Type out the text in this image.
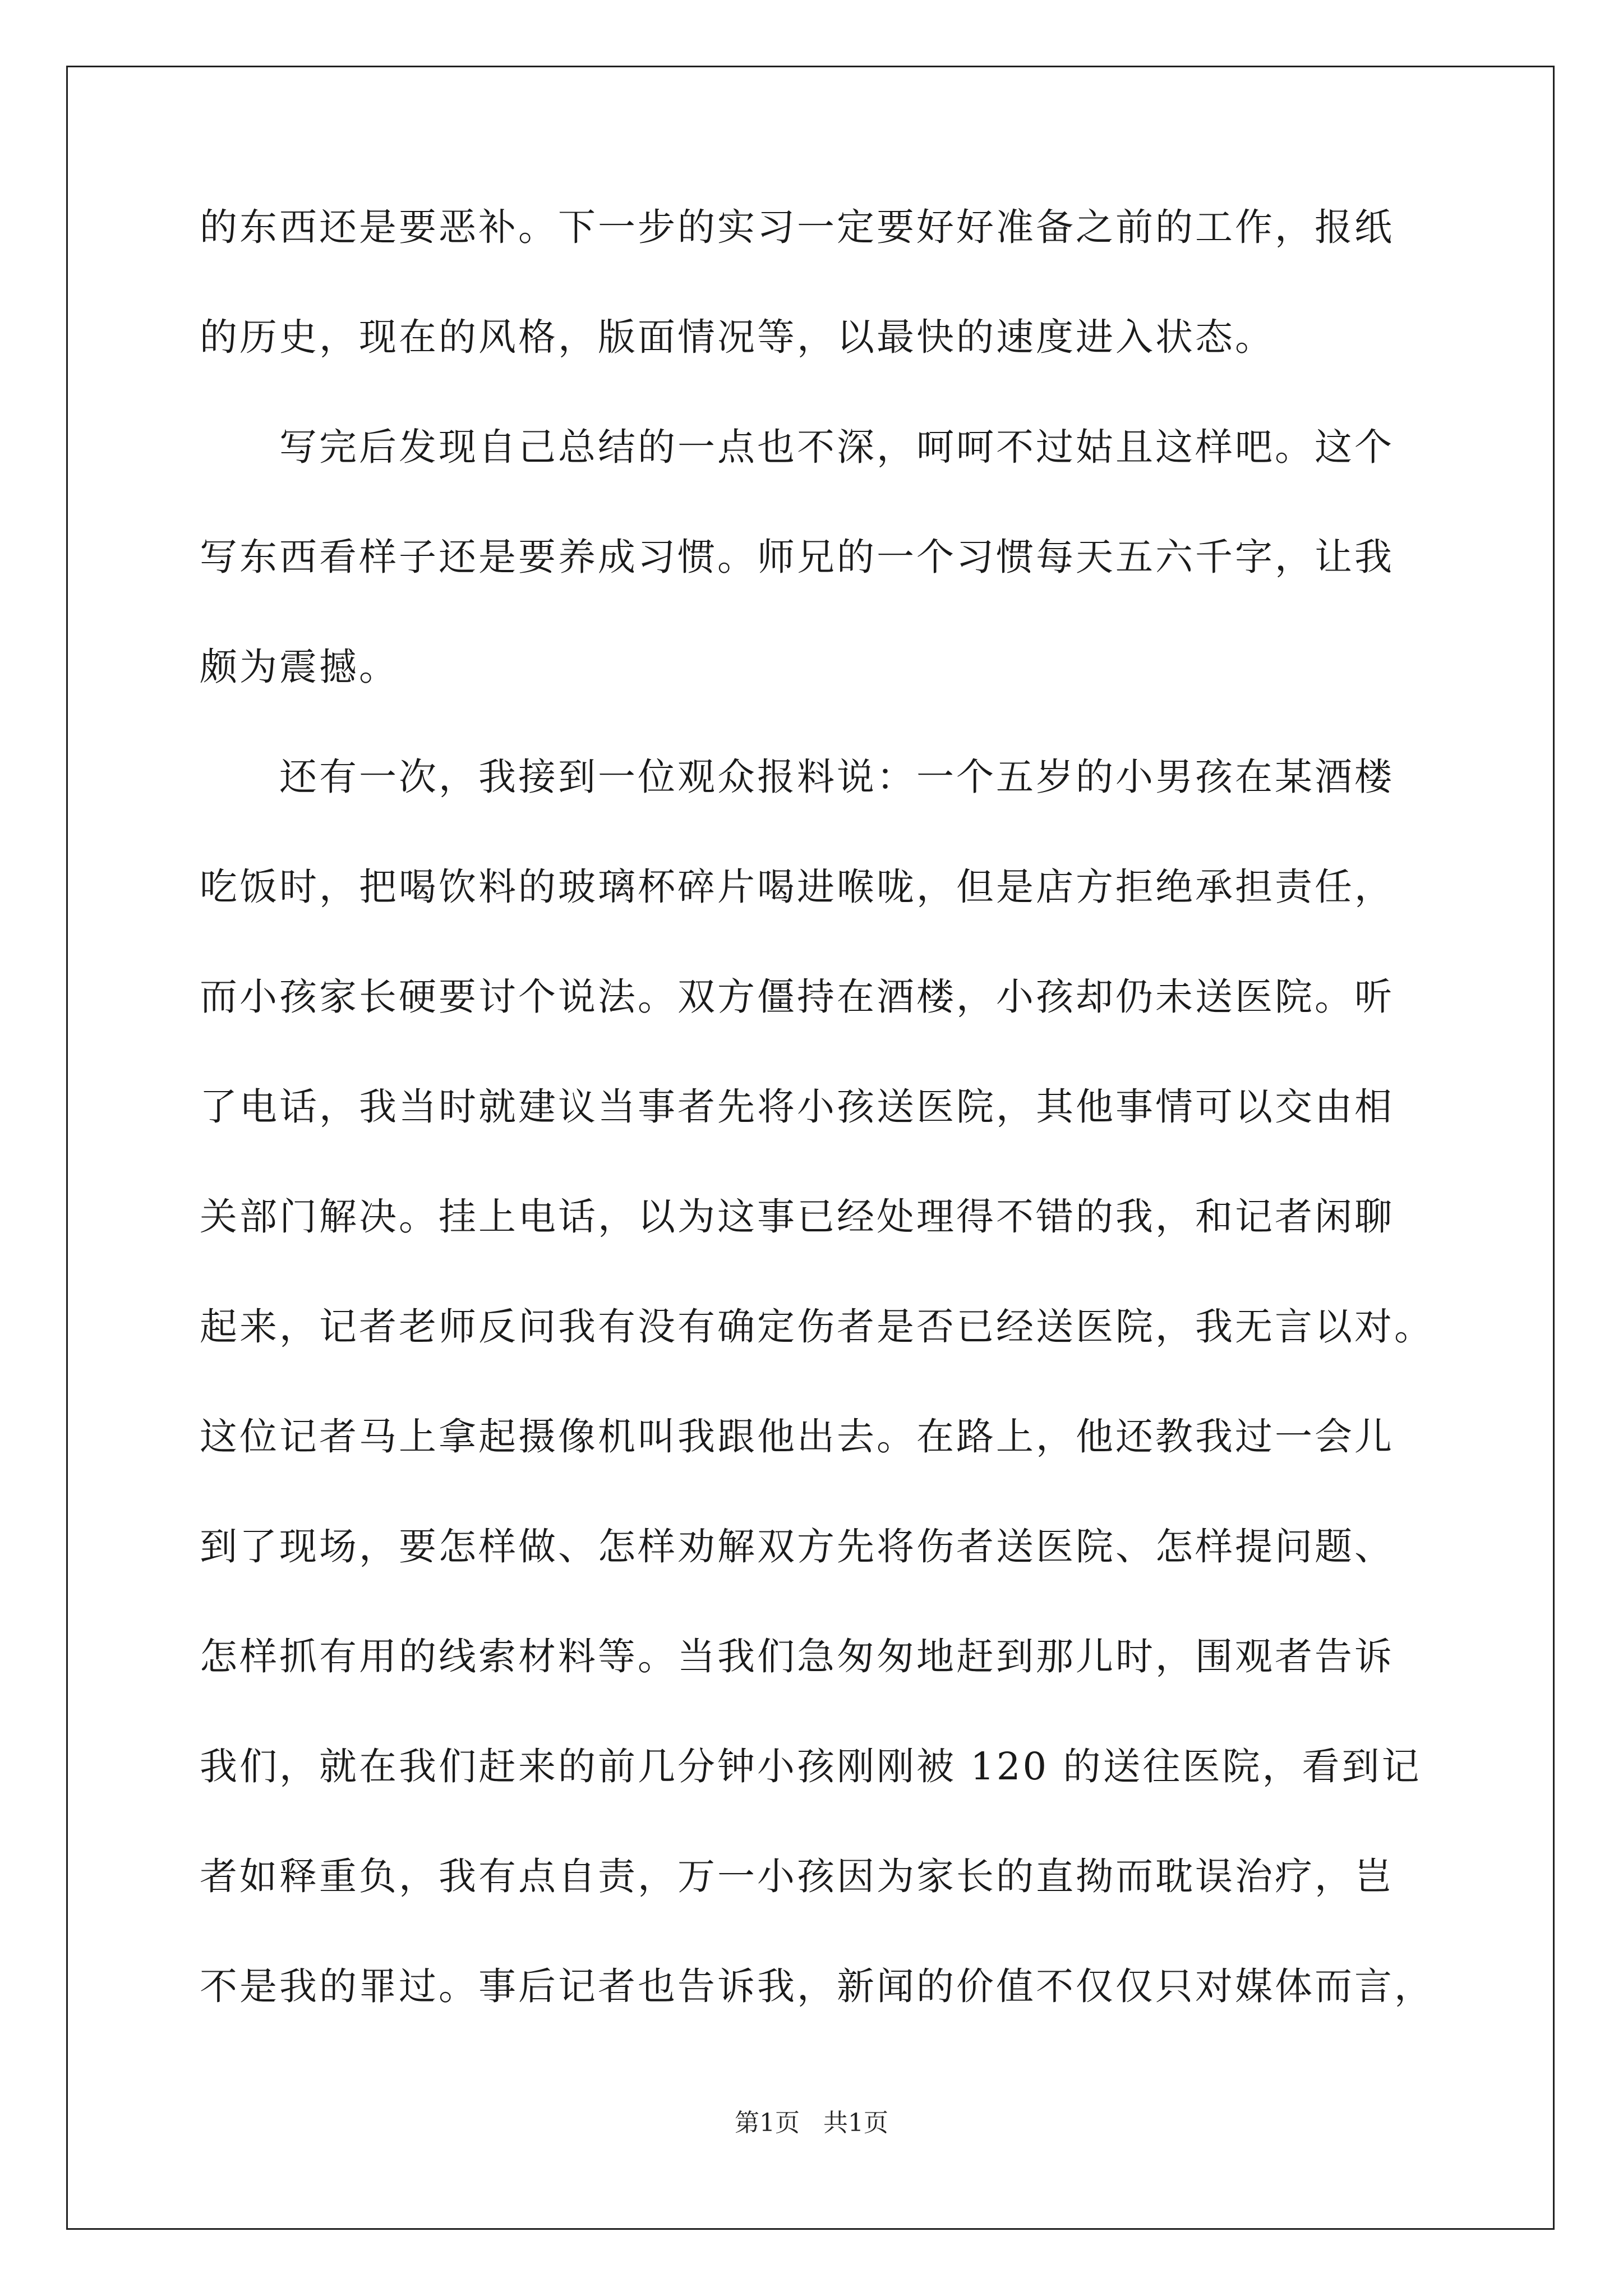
的东西还是要恶补。下一步的实习一定要好好准备之前的工作，报纸
的历史，现在的风格，版面情况等，以最快的速度进入状态。
　　写完后发现自己总结的一点也不深，呵呵不过姑且这样吧。这个
写东西看样子还是要养成习惯。师兄的一个习惯每天五六千字，让我
颇为震撼。
　　还有一次，我接到一位观众报料说：一个五岁的小男孩在某酒楼
吃饭时，把喝饮料的玻璃杯碎片喝进喉咙，但是店方拒绝承担责任，
而小孩家长硬要讨个说法。双方僵持在酒楼，小孩却仍未送医院。听
了电话，我当时就建议当事者先将小孩送医院，其他事情可以交由相
关部门解决。挂上电话，以为这事已经处理得不错的我，和记者闲聊
起来，记者老师反问我有没有确定伤者是否已经送医院，我无言以对。
这位记者马上拿起摄像机叫我跟他出去。在路上，他还教我过一会儿
到了现场，要怎样做、怎样劝解双方先将伤者送医院、怎样提问题、
怎样抓有用的线索材料等。当我们急匆匆地赶到那儿时，围观者告诉
我们，就在我们赶来的前几分钟小孩刚刚被 120 的送往医院，看到记
者如释重负，我有点自责，万一小孩因为家长的直拗而耽误治疗，岂
不是我的罪过。事后记者也告诉我，新闻的价值不仅仅只对媒体而言，
第1页 共1页
